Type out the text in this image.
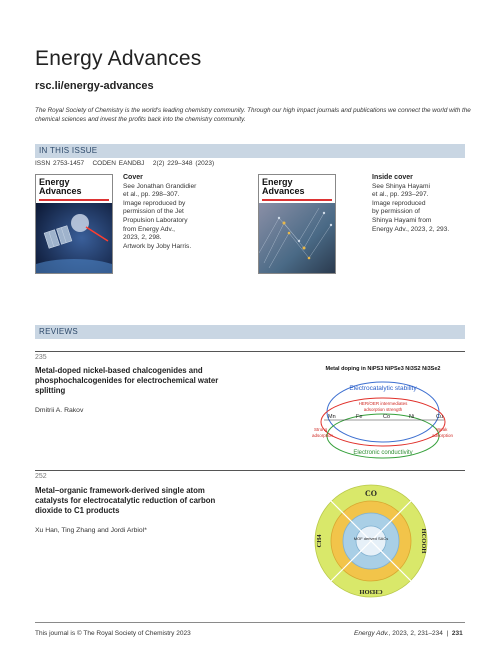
Energy Advances
rsc.li/energy-advances
The Royal Society of Chemistry is the world's leading chemistry community. Through our high impact journals and publications we connect the world with the chemical sciences and invest the profits back into the chemistry community.
IN THIS ISSUE
ISSN 2753-1457 CODEN EANDBJ 2(2) 229–348 (2023)
Energy
Advances
Cover
See Jonathan Grandidier
et al., pp. 298–307.
Image reproduced by
permission of the Jet
Propulsion Laboratory
from Energy Adv.,
2023, 2, 298.
Artwork by Joby Harris.
Energy
Advances
Inside cover
See Shinya Hayami
et al., pp. 293–297.
Image reproduced
by permission of
Shinya Hayami from
Energy Adv., 2023, 2, 293.
REVIEWS
235
Metal-doped nickel-based chalcogenides and
phosphochalcogenides for electrochemical water
splitting
Dmitrii A. Rakov
Metal doping in NiPS3 NiPSe3 Ni3S2 Ni3Se2
Electrocatalytic stability
HER/OER intermediates
adsorption strength
Mn	Fe	Co	Ni	Cu
Strong
adsorption
Weak
adsorption
Electronic conductivity
252
Metal–organic framework-derived single atom
catalysts for electrocatalytic reduction of carbon
dioxide to C1 products
Xu Han, Ting Zhang and Jordi Arbiol*
CO
HCOOH
CH3OH
CH4	MOF derived SACs
This journal is © The Royal Society of Chemistry 2023	Energy Adv., 2023, 2, 231–234 | 231
